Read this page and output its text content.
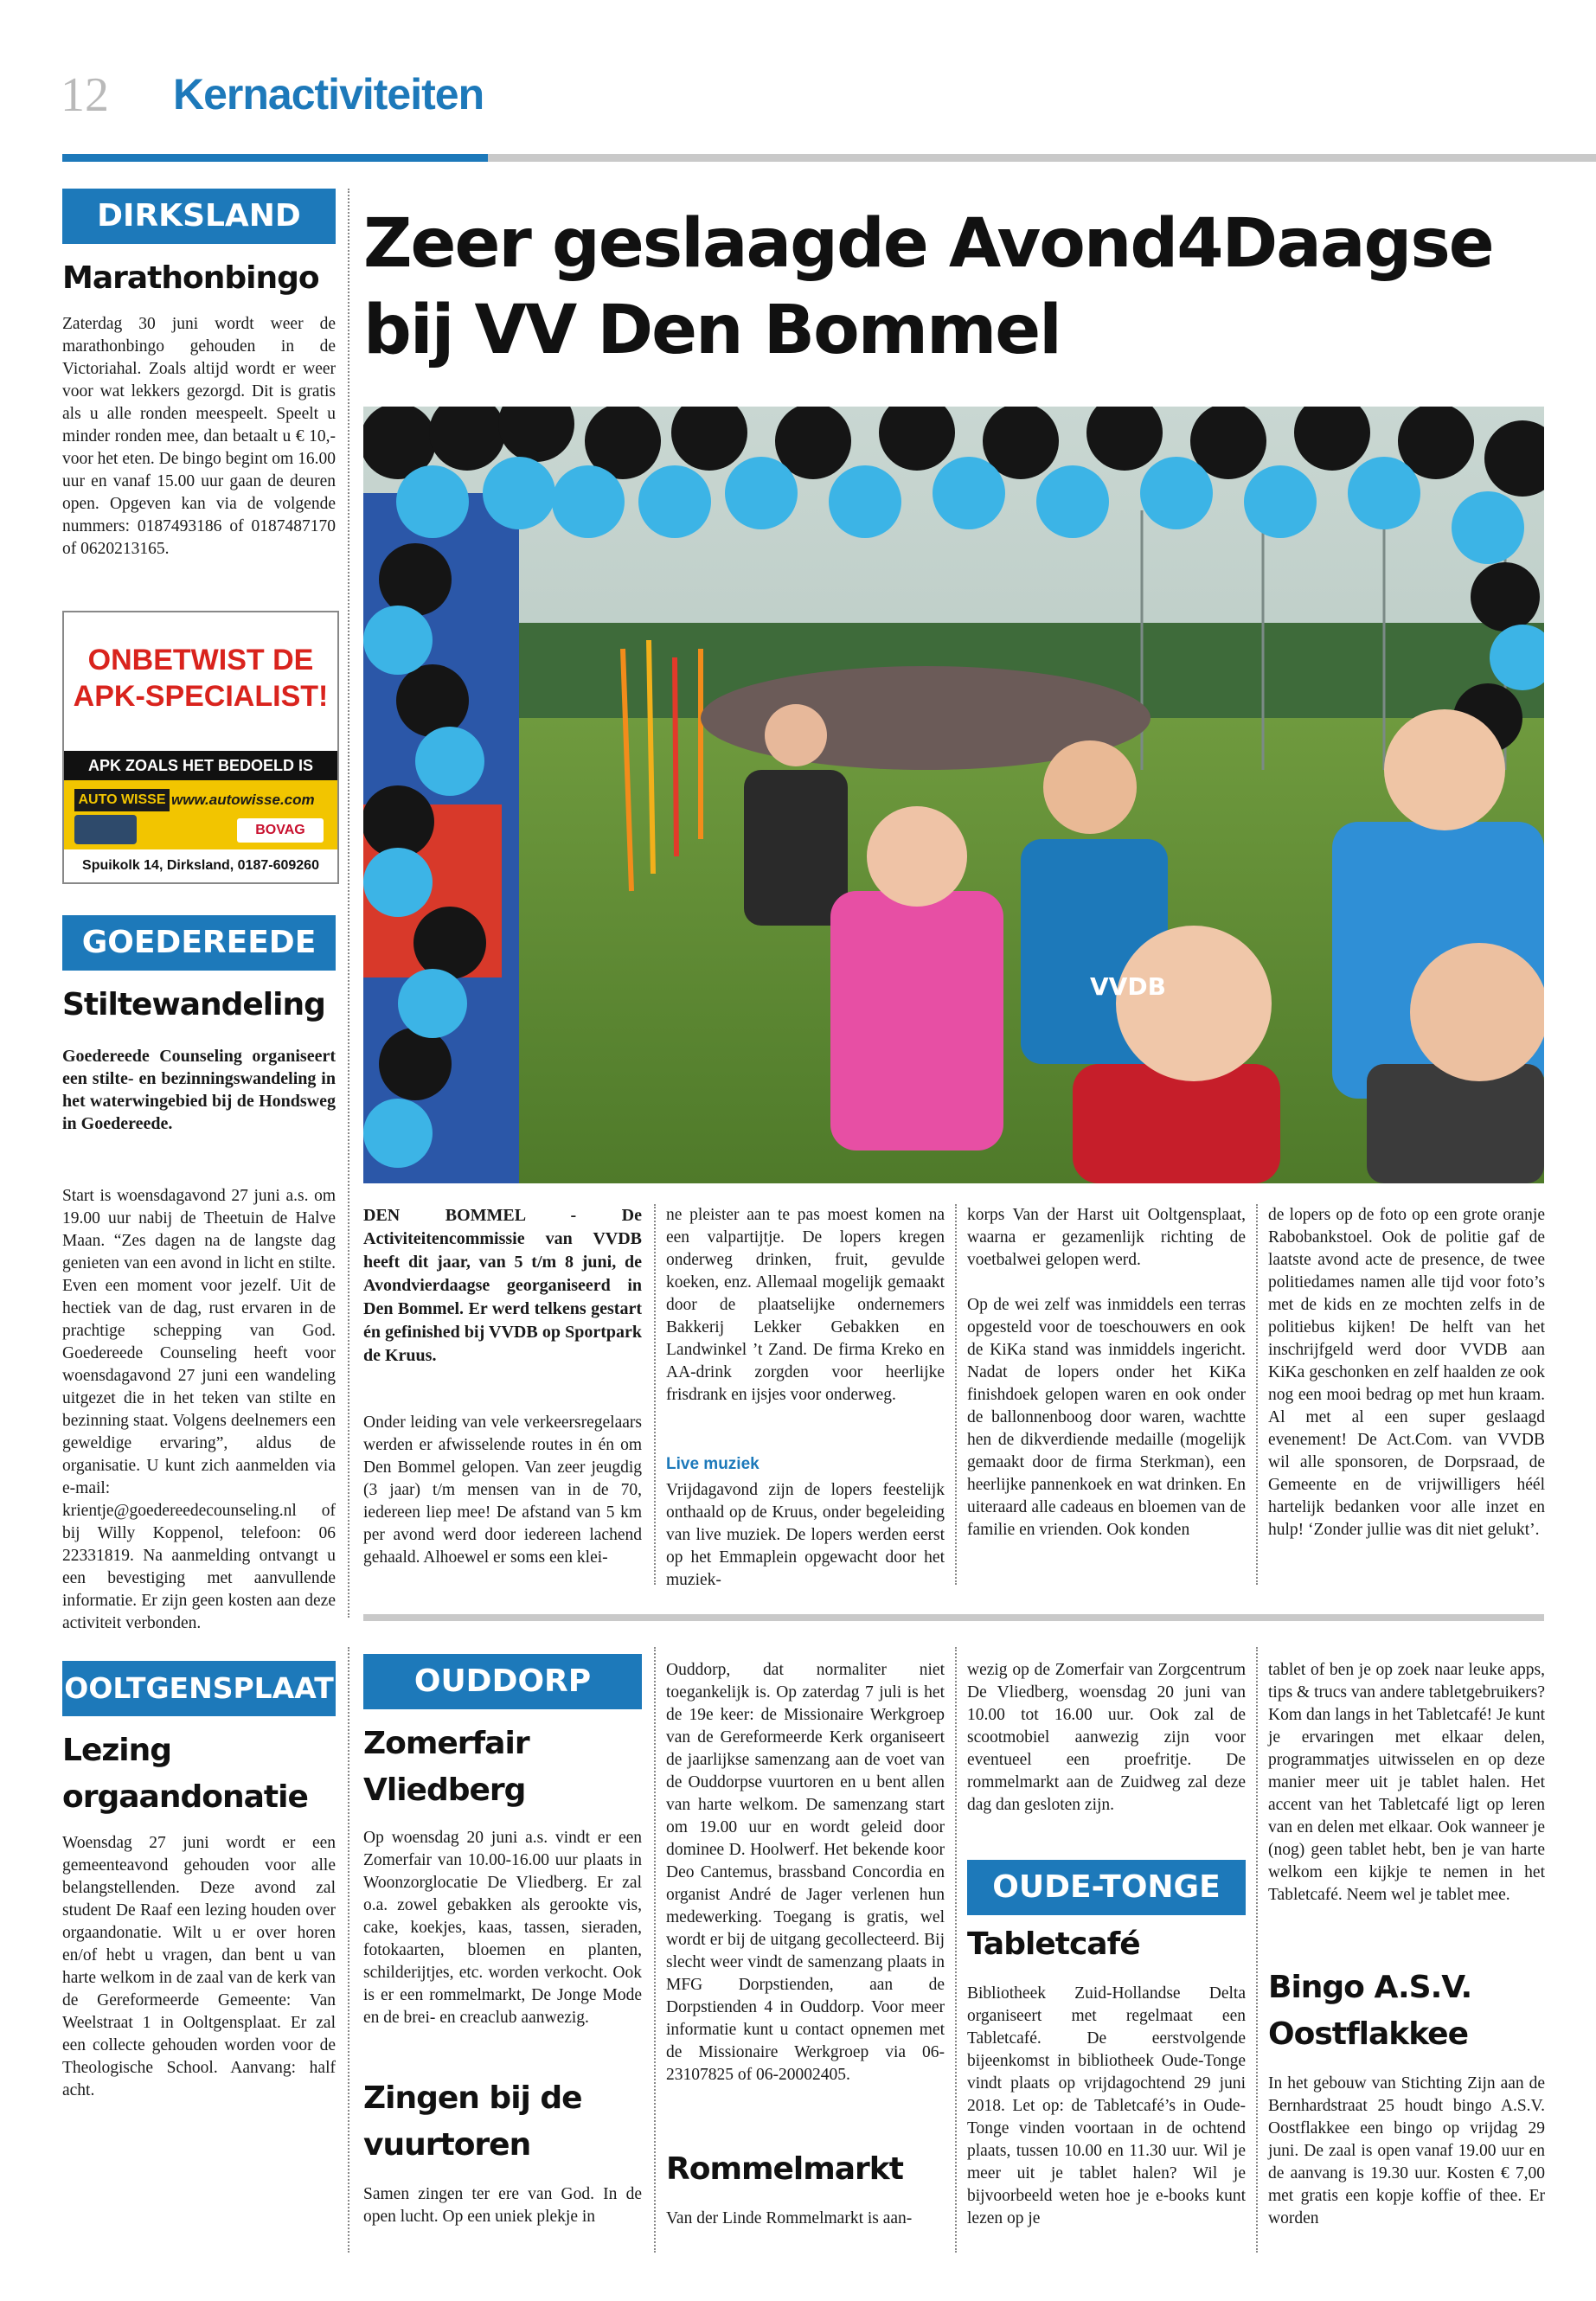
12 Kernactiviteiten
DIRKSLAND
Marathonbingo
Zaterdag 30 juni wordt weer de marathonbingo gehouden in de Victoriahal. Zoals altijd wordt er weer voor wat lekkers gezorgd. Dit is gratis als u alle ronden meespeelt. Speelt u minder ronden mee, dan betaalt u € 10,- voor het eten. De bingo begint om 16.00 uur en vanaf 15.00 uur gaan de deuren open. Opgeven kan via de volgende nummers: 0187493186 of 0187487170 of 0620213165.
ONBETWIST DE
APK-SPECIALIST!
APK ZOALS HET BEDOELD IS
AUTO WISSE www.autowisse.com
BOVAG
Spuikolk 14, Dirksland, 0187-609260
GOEDEREEDE
Stiltewandeling
Goedereede Counseling organiseert een stilte- en bezinningswandeling in het waterwingebied bij de Hondsweg in Goedereede.
Start is woensdagavond 27 juni a.s. om 19.00 uur nabij de Theetuin de Halve Maan. “Zes dagen na de langste dag genieten van een avond in licht en stilte. Even een moment voor jezelf. Uit de hectiek van de dag, rust ervaren in de prachtige schepping van God. Goedereede Counseling heeft voor woensdagavond 27 juni een wandeling uitgezet die in het teken van stilte en bezinning staat. Volgens deelnemers een geweldige ervaring”, aldus de organisatie. U kunt zich aanmelden via e-mail: krientje@goedereedecounseling.nl of bij Willy Koppenol, telefoon: 06 22331819. Na aanmelding ontvangt u een bevestiging met aanvullende informatie. Er zijn geen kosten aan deze activiteit verbonden.
Zeer geslaagde Avond4Daagse
bij VV Den Bommel
VVDB
DEN BOMMEL - De Activiteitencommissie van VVDB heeft dit jaar, van 5 t/m 8 juni, de Avondvierdaagse georganiseerd in Den Bommel. Er werd telkens gestart én gefinished bij VVDB op Sportpark de Kruus.
Onder leiding van vele verkeersregelaars werden er afwisselende routes in én om Den Bommel gelopen. Van zeer jeugdig (3 jaar) t/m mensen van in de 70, iedereen liep mee! De afstand van 5 km per avond werd door iedereen lachend gehaald. Alhoewel er soms een klei-
ne pleister aan te pas moest komen na een valpartijtje. De lopers kregen onderweg drinken, fruit, gevulde koeken, enz. Allemaal mogelijk gemaakt door de plaatselijke ondernemers Bakkerij Lekker Gebakken en Landwinkel ’t Zand. De firma Kreko en AA-drink zorgden voor heerlijke frisdrank en ijsjes voor onderweg.
Live muziek
Vrijdagavond zijn de lopers feestelijk onthaald op de Kruus, onder begeleiding van live muziek. De lopers werden eerst op het Emmaplein opgewacht door het muziek-
korps Van der Harst uit Ooltgensplaat, waarna er gezamenlijk richting de voetbalwei gelopen werd.
Op de wei zelf was inmiddels een terras opgesteld voor de toeschouwers en ook de KiKa stand was inmiddels ingericht. Nadat de lopers onder het KiKa finishdoek gelopen waren en ook onder de ballonnenboog door waren, wachtte hen de dikverdiende medaille (mogelijk gemaakt door de firma Sterkman), een heerlijke pannenkoek en wat drinken. En uiteraard alle cadeaus en bloemen van de familie en vrienden. Ook konden
de lopers op de foto op een grote oranje Rabobankstoel. Ook de politie gaf de laatste avond acte de presence, de twee politiedames namen alle tijd voor foto’s met de kids en ze mochten zelfs in de politiebus kijken! De helft van het inschrijfgeld werd door VVDB aan KiKa geschonken en zelf haalden ze ook nog een mooi bedrag op met hun kraam. Al met al een super geslaagd evenement! De Act.Com. van VVDB wil alle sponsoren, de Dorpsraad, de Gemeente en de vrijwilligers héél hartelijk bedanken voor alle inzet en hulp! ‘Zonder jullie was dit niet gelukt’.
OOLTGENSPLAAT
Lezing
orgaandonatie
Woensdag 27 juni wordt er een gemeenteavond gehouden voor alle belangstellenden. Deze avond zal student De Raaf een lezing houden over orgaandonatie. Wilt u er over horen en/of hebt u vragen, dan bent u van harte welkom in de zaal van de kerk van de Gereformeerde Gemeente: Van Weelstraat 1 in Ooltgensplaat. Er zal een collecte gehouden worden voor de Theologische School. Aanvang: half acht.
OUDDORP
Zomerfair
Vliedberg
Op woensdag 20 juni a.s. vindt er een Zomerfair van 10.00-16.00 uur plaats in Woonzorglocatie De Vliedberg. Er zal o.a. zowel gebakken als gerookte vis, cake, koekjes, kaas, tassen, sieraden, fotokaarten, bloemen en planten, schilderijtjes, etc. worden verkocht. Ook is er een rommelmarkt, De Jonge Mode en de brei- en creaclub aanwezig.
Zingen bij de
vuurtoren
Samen zingen ter ere van God. In de open lucht. Op een uniek plekje in
Ouddorp, dat normaliter niet toegankelijk is. Op zaterdag 7 juli is het de 19e keer: de Missionaire Werkgroep van de Gereformeerde Kerk organiseert de jaarlijkse samenzang aan de voet van de Ouddorpse vuurtoren en u bent allen van harte welkom. De samenzang start om 19.00 uur en wordt geleid door dominee D. Hoolwerf. Het bekende koor Deo Cantemus, brassband Concordia en organist André de Jager verlenen hun medewerking. Toegang is gratis, wel wordt er bij de uitgang gecollecteerd. Bij slecht weer vindt de samenzang plaats in MFG Dorpstienden, aan de Dorpstienden 4 in Ouddorp. Voor meer informatie kunt u contact opnemen met de Missionaire Werkgroep via 06-23107825 of 06-20002405.
Rommelmarkt
Van der Linde Rommelmarkt is aan-
wezig op de Zomerfair van Zorgcentrum De Vliedberg, woensdag 20 juni van 10.00 tot 16.00 uur. Ook zal de scootmobiel aanwezig zijn voor eventueel een proefritje. De rommelmarkt aan de Zuidweg zal deze dag dan gesloten zijn.
OUDE-TONGE
Tabletcafé
Bibliotheek Zuid-Hollandse Delta organiseert met regelmaat een Tabletcafé. De eerstvolgende bijeenkomst in bibliotheek Oude-Tonge vindt plaats op vrijdagochtend 29 juni 2018. Let op: de Tabletcafé’s in Oude-Tonge vinden voortaan in de ochtend plaats, tussen 10.00 en 11.30 uur. Wil je meer uit je tablet halen? Wil je bijvoorbeeld weten hoe je e-books kunt lezen op je
tablet of ben je op zoek naar leuke apps, tips & trucs van andere tabletgebruikers? Kom dan langs in het Tabletcafé! Je kunt je ervaringen met elkaar delen, programmatjes uitwisselen en op deze manier meer uit je tablet halen. Het accent van het Tabletcafé ligt op leren van en delen met elkaar. Ook wanneer je (nog) geen tablet hebt, ben je van harte welkom een kijkje te nemen in het Tabletcafé. Neem wel je tablet mee.
Bingo A.S.V.
Oostflakkee
In het gebouw van Stichting Zijn aan de Bernhardstraat 25 houdt bingo A.S.V. Oostflakkee een bingo op vrijdag 29 juni. De zaal is open vanaf 19.00 uur en de aanvang is 19.30 uur. Kosten € 7,00 met gratis een kopje koffie of thee. Er worden
